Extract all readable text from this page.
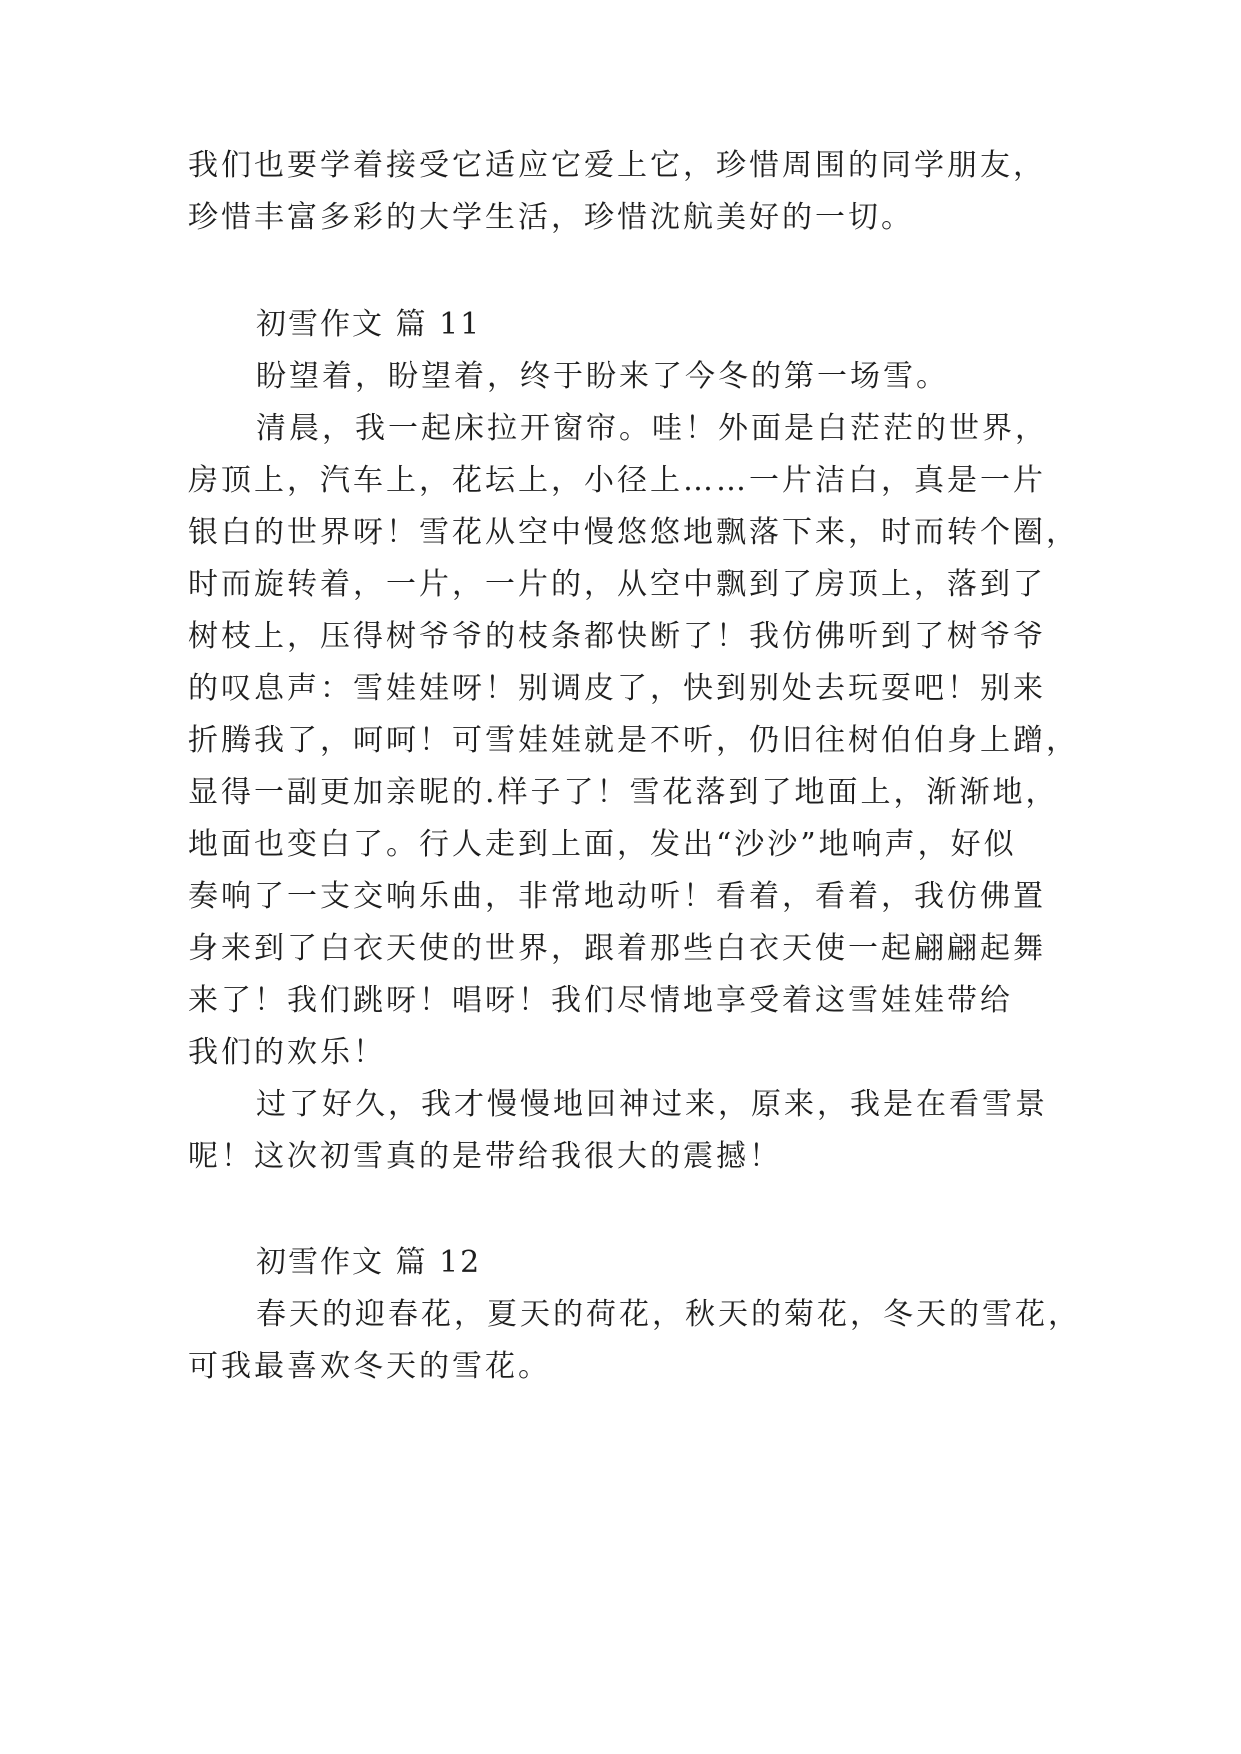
我们也要学着接受它适应它爱上它，珍惜周围的同学朋友，
珍惜丰富多彩的大学生活，珍惜沈航美好的一切。
初雪作文 篇 11
盼望着，盼望着，终于盼来了今冬的第一场雪。
清晨，我一起床拉开窗帘。哇！外面是白茫茫的世界，
房顶上，汽车上，花坛上，小径上……一片洁白，真是一片
银白的世界呀！雪花从空中慢悠悠地飘落下来，时而转个圈，
时而旋转着，一片，一片的，从空中飘到了房顶上，落到了
树枝上，压得树爷爷的枝条都快断了！我仿佛听到了树爷爷
的叹息声：雪娃娃呀！别调皮了，快到别处去玩耍吧！别来
折腾我了，呵呵！可雪娃娃就是不听，仍旧往树伯伯身上蹭，
显得一副更加亲昵的.样子了！雪花落到了地面上，渐渐地，
地面也变白了。行人走到上面，发出“沙沙”地响声，好似
奏响了一支交响乐曲，非常地动听！看着，看着，我仿佛置
身来到了白衣天使的世界，跟着那些白衣天使一起翩翩起舞
来了！我们跳呀！唱呀！我们尽情地享受着这雪娃娃带给
我们的欢乐！
过了好久，我才慢慢地回神过来，原来，我是在看雪景
呢！这次初雪真的是带给我很大的震撼！
初雪作文 篇 12
春天的迎春花，夏天的荷花，秋天的菊花，冬天的雪花，
可我最喜欢冬天的雪花。
